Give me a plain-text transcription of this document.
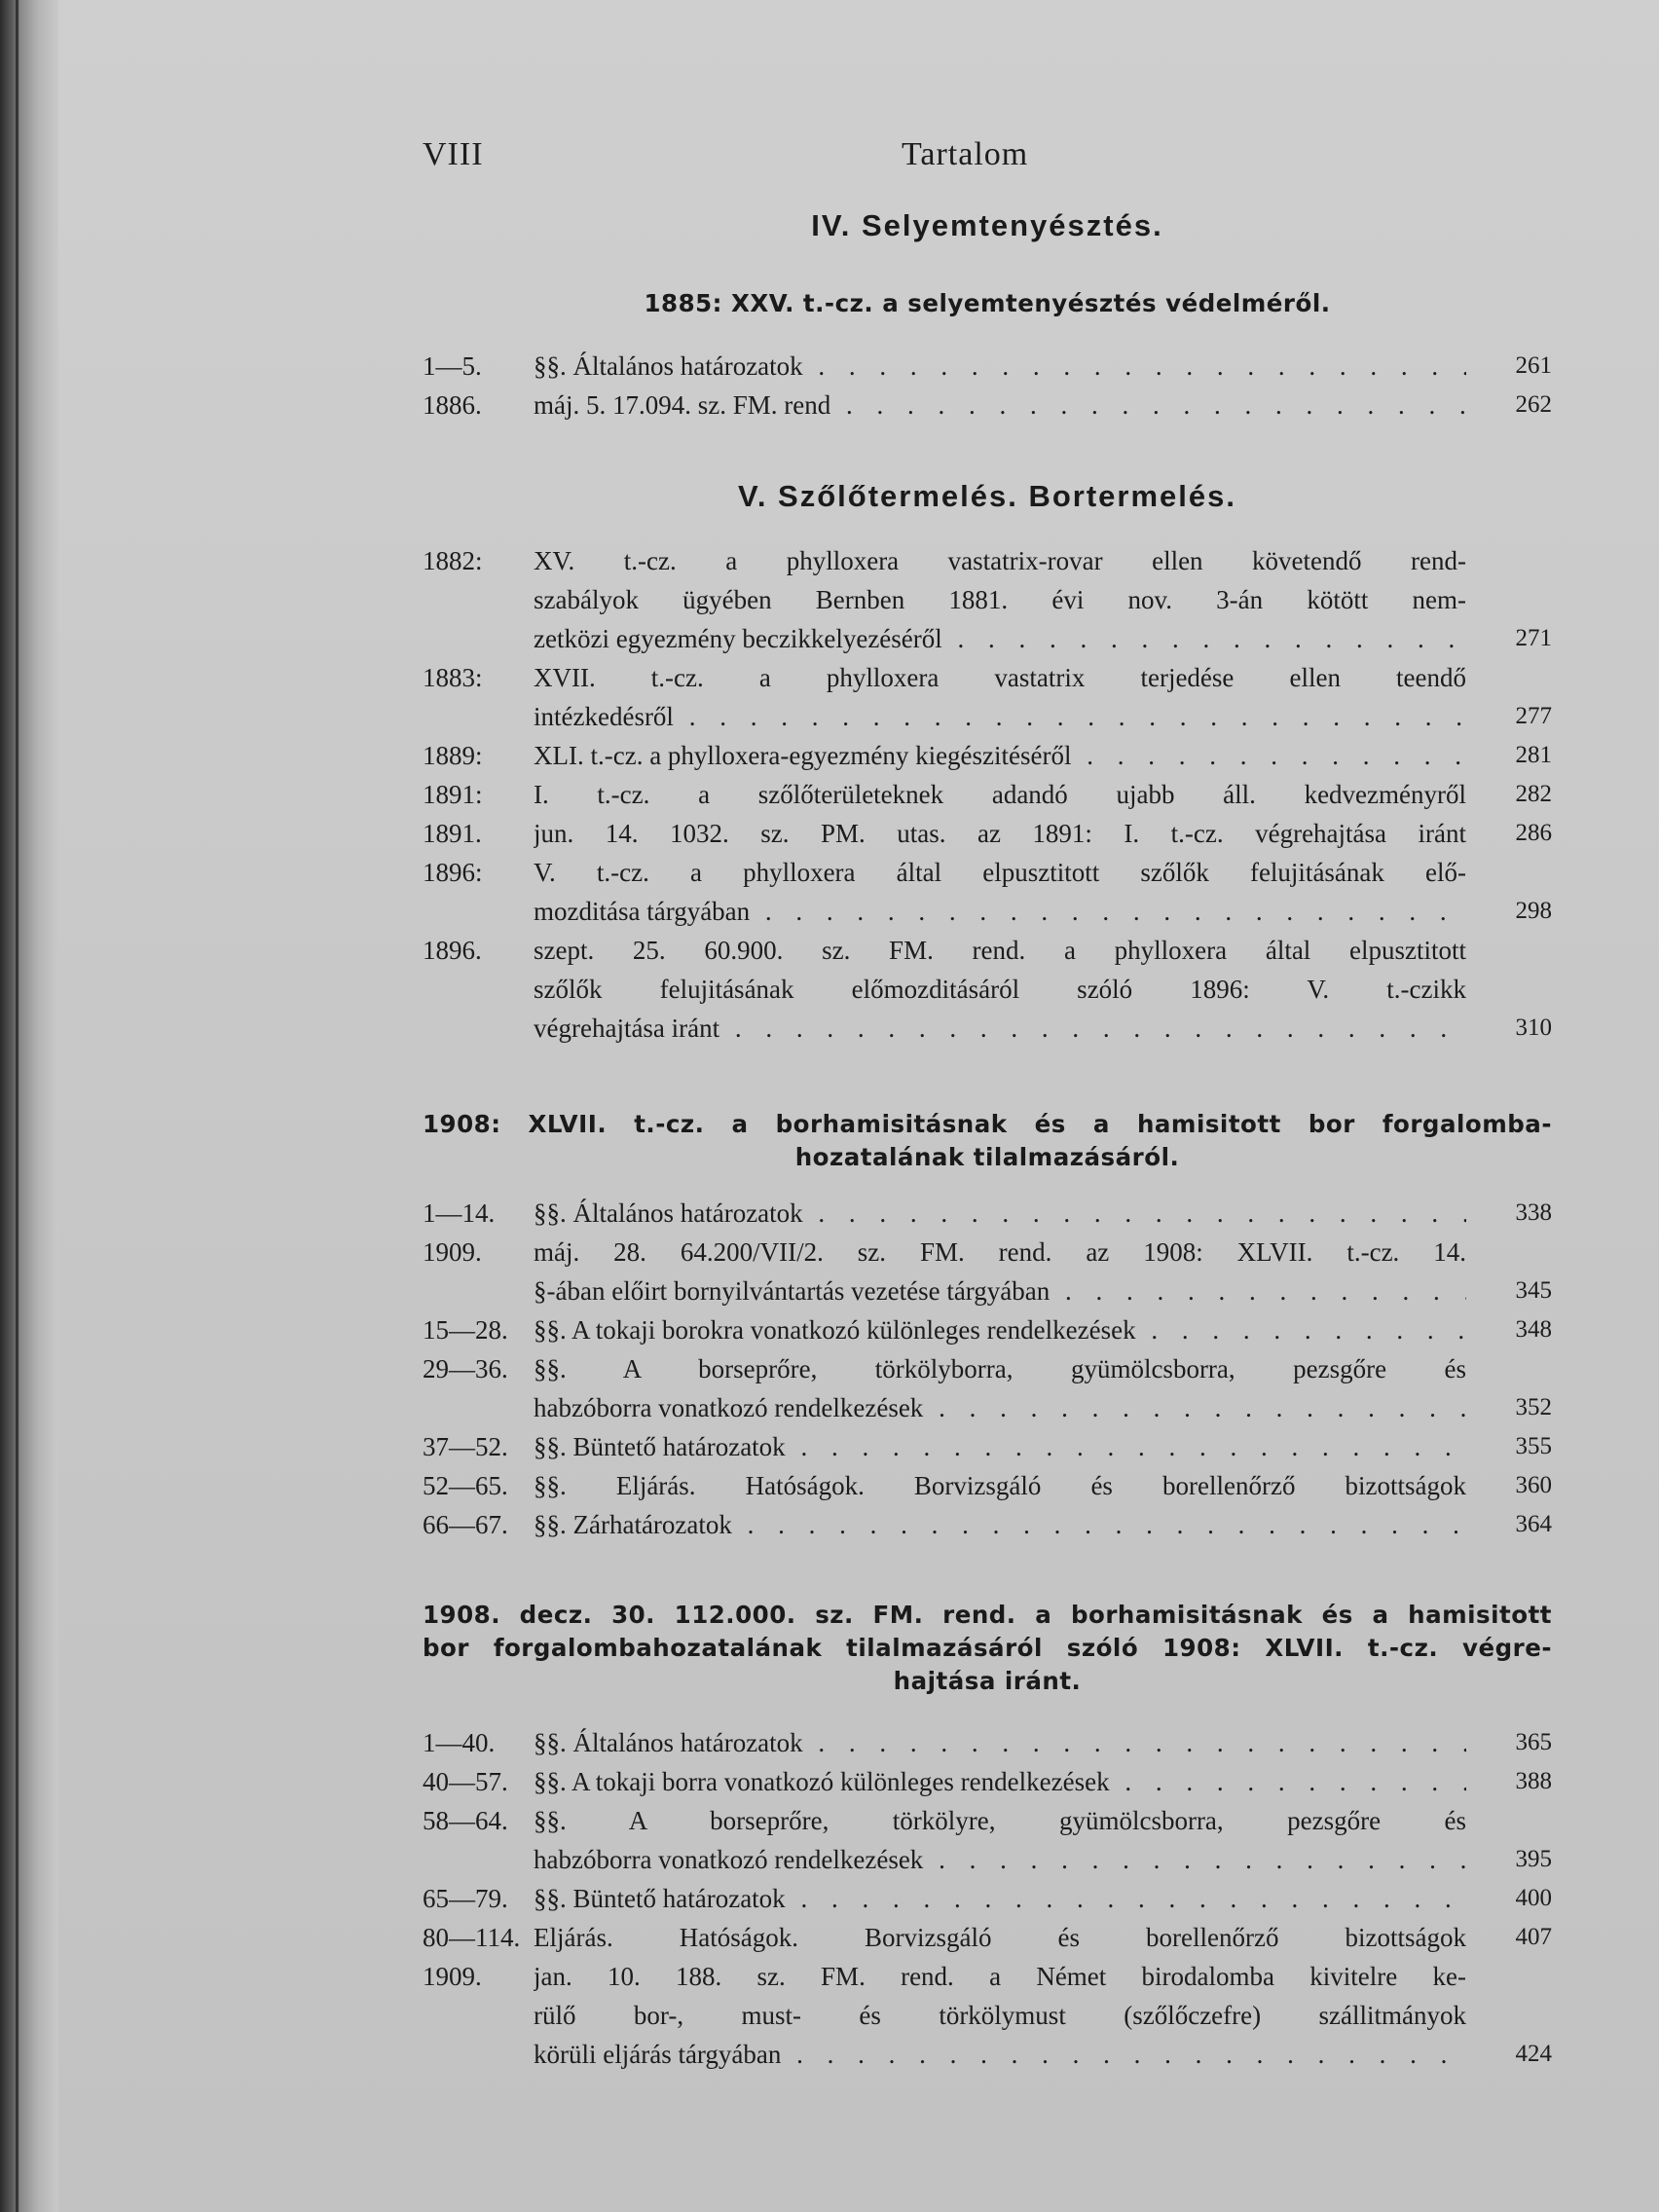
VIII	Tartalom
IV. Selyemtenyésztés.
1885: XXV. t.-cz. a selyemtenyésztés védelméről.
1—5. §§. Általános határozatok . . .	261
1886. máj. 5. 17.094. sz. FM. rend . . .	262
V. Szőlőtermelés. Bortermelés.
1882: XV. t.-cz. a phylloxera vastatrix-rovar ellen követendő rend-
szabályok ügyében Bernben 1881. évi nov. 3-án kötött nem-
zetközi egyezmény beczikkelyezéséről . . .	271
1883: XVII. t.-cz. a phylloxera vastatrix terjedése ellen teendő
intézkedésről . . .	277
1889: XLI. t.-cz. a phylloxera-egyezmény kiegészitéséről . . .	281
1891: I. t.-cz. a szőlőterületeknek adandó ujabb áll. kedvezményről	282
1891. jun. 14. 1032. sz. PM. utas. az 1891: I. t.-cz. végrehajtása iránt	286
1896: V. t.-cz. a phylloxera által elpusztitott szőlők felujitásának elő-
mozditása tárgyában . . .	298
1896. szept. 25. 60.900. sz. FM. rend. a phylloxera által elpusztitott
szőlők felujitásának előmozditásáról szóló 1896: V. t.-czikk
végrehajtása iránt . . .	310
1908: XLVII. t.-cz. a borhamisitásnak és a hamisitott bor forgalomba-
hozatalának tilalmazásáról.
1—14. §§. Általános határozatok . . .	338
1909. máj. 28. 64.200/VII/2. sz. FM. rend. az 1908: XLVII. t.-cz. 14.
§-ában előirt bornyilvántartás vezetése tárgyában . . .	345
15—28. §§. A tokaji borokra vonatkozó különleges rendelkezések . . .	348
29—36. §§. A borseprőre, törkölyborra, gyümölcsborra, pezsgőre és
habzóborra vonatkozó rendelkezések . . .	352
37—52. §§. Büntető határozatok . . .	355
52—65. §§. Eljárás. Hatóságok. Borvizsgáló és borellenőrző bizottságok	360
66—67. §§. Zárhatározatok . . .	364
1908. decz. 30. 112.000. sz. FM. rend. a borhamisitásnak és a hamisitott
bor forgalombahozatalának tilalmazásáról szóló 1908: XLVII. t.-cz. végre-
hajtása iránt.
1—40. §§. Általános határozatok . . .	365
40—57. §§. A tokaji borra vonatkozó különleges rendelkezések . . .	388
58—64. §§. A borseprőre, törkölyre, gyümölcsborra, pezsgőre és
habzóborra vonatkozó rendelkezések . . .	395
65—79. §§. Büntető határozatok . . .	400
80—114. Eljárás. Hatóságok. Borvizsgáló és borellenőrző bizottságok	407
1909. jan. 10. 188. sz. FM. rend. a Német birodalomba kivitelre ke-
rülő bor-, must- és törkölymust (szőlőczefre) szállitmányok
körüli eljárás tárgyában . . .	424
